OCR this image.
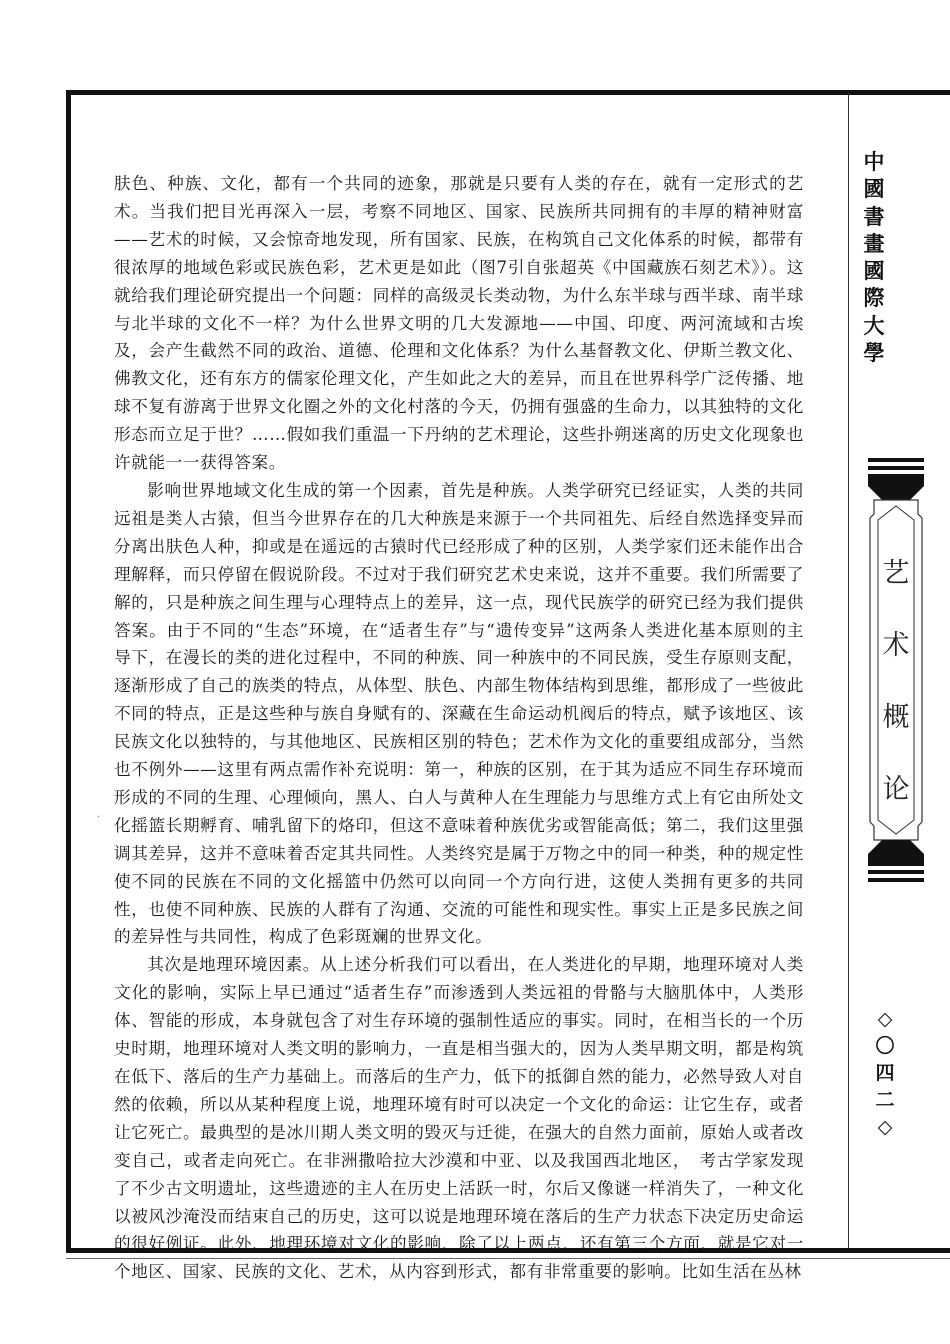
肤色、种族、文化，都有一个共同的迹象，那就是只要有人类的存在，就有一定形式的艺术。当我们把目光再深入一层，考察不同地区、国家、民族所共同拥有的丰厚的精神财富——艺术的时候，又会惊奇地发现，所有国家、民族，在构筑自己文化体系的时候，都带有很浓厚的地域色彩或民族色彩，艺术更是如此（图7引自张超英《中国藏族石刻艺术》）。这就给我们理论研究提出一个问题：同样的高级灵长类动物，为什么东半球与西半球、南半球与北半球的文化不一样？为什么世界文明的几大发源地——中国、印度、两河流域和古埃及，会产生截然不同的政治、道德、伦理和文化体系？为什么基督教文化、伊斯兰教文化、佛教文化，还有东方的儒家伦理文化，产生如此之大的差异，而且在世界科学广泛传播、地球不复有游离于世界文化圈之外的文化村落的今天，仍拥有强盛的生命力，以其独特的文化形态而立足于世？……假如我们重温一下丹纳的艺术理论，这些扑朔迷离的历史文化现象也许就能一一获得答案。

影响世界地域文化生成的第一个因素，首先是种族。人类学研究已经证实，人类的共同远祖是类人古猿，但当今世界存在的几大种族是来源于一个共同祖先、后经自然选择变异而分离出肤色人种，抑或是在遥远的古猿时代已经形成了种的区别，人类学家们还未能作出合理解释，而只停留在假说阶段。不过对于我们研究艺术史来说，这并不重要。我们所需要了解的，只是种族之间生理与心理特点上的差异，这一点，现代民族学的研究已经为我们提供答案。由于不同的“生态”环境，在“适者生存”与“遗传变异”这两条人类进化基本原则的主导下，在漫长的类的进化过程中，不同的种族、同一种族中的不同民族，受生存原则支配，逐渐形成了自己的族类的特点，从体型、肤色、内部生物体结构到思维，都形成了一些彼此不同的特点，正是这些种与族自身赋有的、深藏在生命运动机阀后的特点，赋予该地区、该民族文化以独特的，与其他地区、民族相区别的特色；艺术作为文化的重要组成部分，当然也不例外——这里有两点需作补充说明：第一，种族的区别，在于其为适应不同生存环境而形成的不同的生理、心理倾向，黑人、白人与黄种人在生理能力与思维方式上有它由所处文化摇篮长期孵育、哺乳留下的烙印，但这不意味着种族优劣或智能高低；第二，我们这里强调其差异，这并不意味着否定其共同性。人类终究是属于万物之中的同一种类，种的规定性使不同的民族在不同的文化摇篮中仍然可以向同一个方向行进，这使人类拥有更多的共同性，也使不同种族、民族的人群有了沟通、交流的可能性和现实性。事实上正是多民族之间的差异性与共同性，构成了色彩斑斓的世界文化。

其次是地理环境因素。从上述分析我们可以看出，在人类进化的早期，地理环境对人类文化的影响，实际上早已通过“适者生存”而渗透到人类远祖的骨骼与大脑肌体中，人类形体、智能的形成，本身就包含了对生存环境的强制性适应的事实。同时，在相当长的一个历史时期，地理环境对人类文明的影响力，一直是相当强大的，因为人类早期文明，都是构筑在低下、落后的生产力基础上。而落后的生产力，低下的抵御自然的能力，必然导致人对自然的依赖，所以从某种程度上说，地理环境有时可以决定一个文化的命运：让它生存，或者让它死亡。最典型的是冰川期人类文明的毁灭与迁徙，在强大的自然力面前，原始人或者改变自己，或者走向死亡。在非洲撒哈拉大沙漠和中亚、以及我国西北地区，　考古学家发现了不少古文明遗址，这些遗迹的主人在历史上活跃一时，尔后又像谜一样消失了，一种文化以被风沙淹没而结束自己的历史，这可以说是地理环境在落后的生产力状态下决定历史命运的很好例证。此外，地理环境对文化的影响，除了以上两点，还有第三个方面，就是它对一个地区、国家、民族的文化、艺术，从内容到形式，都有非常重要的影响。比如生活在丛林

·
中
國
書
畫
國
際
大
學
艺
术
概
论
◇
〇
四
二
◇
